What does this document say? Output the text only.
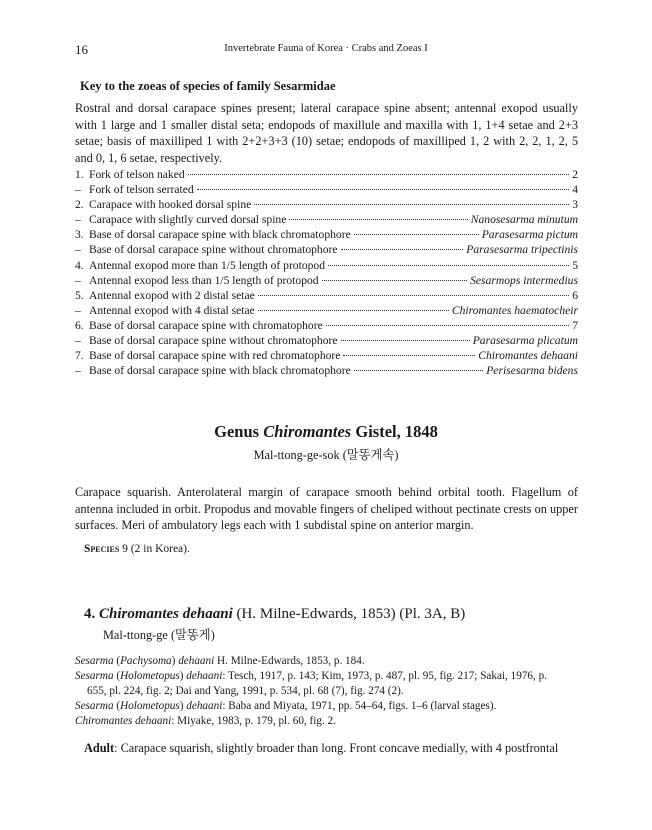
16	Invertebrate Fauna of Korea · Crabs and Zoeas I
Key to the zoeas of species of family Sesarmidae

Rostral and dorsal carapace spines present; lateral carapace spine absent; antennal exopod usually with 1 large and 1 smaller distal seta; endopods of maxillule and maxilla with 1, 1+4 setae and 2+3 setae; basis of maxilliped 1 with 2+2+3+3 (10) setae; endopods of maxilliped 1, 2 with 2, 2, 1, 2, 5 and 0, 1, 6 setae, respectively.

1. Fork of telson naked	2
– Fork of telson serrated	4
2. Carapace with hooked dorsal spine	3
– Carapace with slightly curved dorsal spine	Nanosesarma minutum
3. Base of dorsal carapace spine with black chromatophore	Parasesarma pictum
– Base of dorsal carapace spine without chromatophore	Parasesarma tripectinis
4. Antennal exopod more than 1/5 length of protopod	5
– Antennal exopod less than 1/5 length of protopod	Sesarmops intermedius
5. Antennal exopod with 2 distal setae	6
– Antennal exopod with 4 distal setae	Chiromantes haematocheir
6. Base of dorsal carapace spine with chromatophore	7
– Base of dorsal carapace spine without chromatophore	Parasesarma plicatum
7. Base of dorsal carapace spine with red chromatophore	Chiromantes dehaani
– Base of dorsal carapace spine with black chromatophore	Perisesarma bidens
Genus Chiromantes Gistel, 1848
Mal-ttong-ge-sok (말똥게속)

Carapace squarish. Anterolateral margin of carapace smooth behind orbital tooth. Flagellum of antenna included in orbit. Propodus and movable fingers of cheliped without pectinate crests on upper surfaces. Meri of ambulatory legs each with 1 subdistal spine on anterior margin.

Species 9 (2 in Korea).
4. Chiromantes dehaani (H. Milne-Edwards, 1853) (Pl. 3A, B)
Mal-ttong-ge (말똥게)
Sesarma (Pachysoma) dehaani H. Milne-Edwards, 1853, p. 184.
Sesarma (Holometopus) dehaani: Tesch, 1917, p. 143; Kim, 1973, p. 487, pl. 95, fig. 217; Sakai, 1976, p.
655, pl. 224, fig. 2; Dai and Yang, 1991, p. 534, pl. 68 (7), fig. 274 (2).
Sesarma (Holometopus) dehaani: Baba and Miyata, 1971, pp. 54–64, figs. 1–6 (larval stages).
Chiromantes dehaani: Miyake, 1983, p. 179, pl. 60, fig. 2.
Adult: Carapace squarish, slightly broader than long. Front concave medially, with 4 postfrontal
